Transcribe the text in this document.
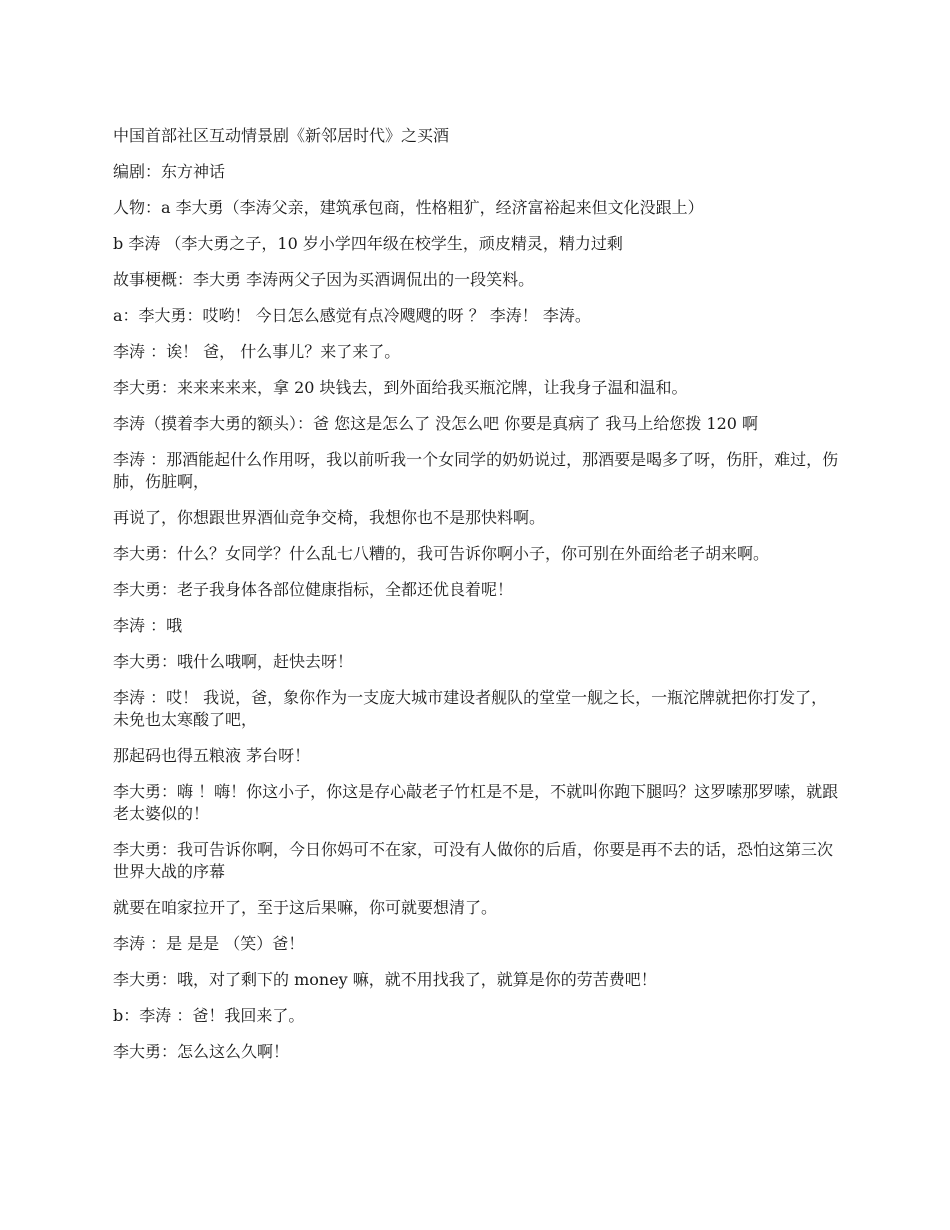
中国首部社区互动情景剧《新邻居时代》之买酒

编剧：东方神话

人物：a 李大勇（李涛父亲，建筑承包商，性格粗犷，经济富裕起来但文化没跟上）

b 李涛 （李大勇之子，10 岁小学四年级在校学生，顽皮精灵，精力过剩

故事梗概：李大勇 李涛两父子因为买酒调侃出的一段笑料。

a：李大勇：哎哟！ 今日怎么感觉有点冷飕飕的呀 ？ 李涛！ 李涛。

李涛 ：诶！ 爸， 什么事儿？来了来了。

李大勇：来来来来来，拿 20 块钱去，到外面给我买瓶沱牌，让我身子温和温和。

李涛（摸着李大勇的额头）：爸 您这是怎么了 没怎么吧 你要是真病了 我马上给您拨 120 啊

李涛 ：那酒能起什么作用呀，我以前听我一个女同学的奶奶说过，那酒要是喝多了呀，伤肝，难过，伤肺，伤脏啊，

再说了，你想跟世界酒仙竞争交椅，我想你也不是那快料啊。

李大勇：什么？女同学？什么乱七八糟的，我可告诉你啊小子，你可别在外面给老子胡来啊。

李大勇：老子我身体各部位健康指标，全都还优良着呢！

李涛 ：哦

李大勇：哦什么哦啊，赶快去呀！

李涛 ：哎！ 我说，爸，象你作为一支庞大城市建设者舰队的堂堂一舰之长，一瓶沱牌就把你打发了，未免也太寒酸了吧，

那起码也得五粮液 茅台呀！

李大勇：嗨 ！嗨！你这小子，你这是存心敲老子竹杠是不是，不就叫你跑下腿吗？这罗嗦那罗嗦，就跟老太婆似的！

李大勇：我可告诉你啊，今日你妈可不在家，可没有人做你的后盾，你要是再不去的话，恐怕这第三次世界大战的序幕

就要在咱家拉开了，至于这后果嘛，你可就要想清了。

李涛 ：是 是是 （笑）爸！

李大勇：哦，对了剩下的 money 嘛，就不用找我了，就算是你的劳苦费吧！

b：李涛 ：爸！我回来了。

李大勇：怎么这么久啊！
